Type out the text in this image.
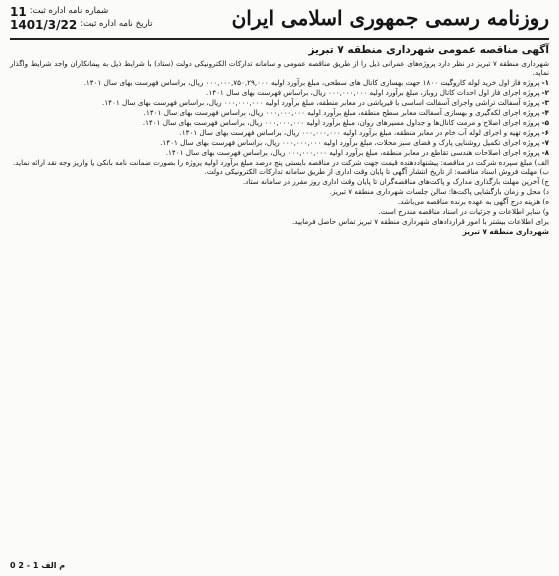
روزنامه رسمی جمهوری اسلامی ایران
شماره نامه اداره ثبت:
11
تاریخ نامه اداره ثبت:
1401/3/22
آگهی مناقصه عمومی شهرداری منطقه ۷ تبریز

شهرداری منطقه ۷ تبریز در نظر دارد پروژه‌های عمرانی ذیل را از طریق مناقصه عمومی و سامانه تدارکات الکترونیکی دولت (ستاد) با شرایط ذیل به پیمانکاران واجد شرایط واگذار نماید.

۱-پروژه فاز اول خرید لوله کاروگیت ۱۸۰۰ جهت بهسازی کانال های سطحی، مبلغ برآورد اولیه ۰۰۰,۰۰۰,۷۵۰,۲۹,۰۰۰ ریال، براساس فهرست بهای سال ۱۴۰۱.
۲-پروژه اجرای فاز اول احداث کانال روباز، مبلغ برآورد اولیه ۰۰۰,۰۰۰,۰۰۰ ریال، براساس فهرست بهای سال ۱۴۰۱.
۳-پروژه آسفالت تراشی واجرای آسفالت اساسی با قیرپاشی در معابر منطقه، مبلغ برآورد اولیه ۰۰۰,۰۰۰,۰۰۰ ریال، براساس فهرست بهای سال ۱۴۰۱.
۴-پروژه اجرای لکه‌گیری و بهسازی آسفالت معابر سطح منطقه، مبلغ برآورد اولیه ۰۰۰,۰۰۰,۰۰۰ ریال، براساس فهرست بهای سال ۱۴۰۱.
۵-پروژه اجرای اصلاح و مرمت کانال‌ها و جداول مسیرهای روان، مبلغ برآورد اولیه ۰۰۰,۰۰۰,۰۰۰ ریال، براساس فهرست بهای سال ۱۴۰۱.
۶-پروژه تهیه و اجرای لوله آب خام در معابر منطقه، مبلغ برآورد اولیه ۰۰۰,۰۰۰,۰۰۰ ریال، براساس فهرست بهای سال ۱۴۰۱.
۷-پروژه اجرای تکمیل روشنایی پارک و فضای سبز محلات، مبلغ برآورد اولیه ۰۰۰,۰۰۰,۰۰۰ ریال، براساس فهرست بهای سال ۱۴۰۱.
۸-پروژه اجرای اصلاحات هندسی تقاطع در معابر منطقه، مبلغ برآورد اولیه ۰۰۰,۰۰۰,۰۰۰ ریال، براساس فهرست بهای سال ۱۴۰۱.
الف) مبلغ سپرده شرکت در مناقصه: پیشنهاددهنده قیمت جهت شرکت در مناقصه بایستی پنج درصد مبلغ برآورد اولیه پروژه را بصورت ضمانت نامه بانکی یا واریز وجه نقد ارائه نماید.
ب) مهلت فروش اسناد مناقصه: از تاریخ انتشار آگهی تا پایان وقت اداری از طریق سامانه تدارکات الکترونیکی دولت.
ج) آخرین مهلت بارگذاری مدارک و پاکت‌های مناقصه‌گران تا پایان وقت اداری روز مقرر در سامانه ستاد.
د) محل و زمان بازگشایی پاکت‌ها: سالن جلسات شهرداری منطقه ۷ تبریز.
ه) هزینه درج آگهی به عهده برنده مناقصه می‌باشد.
و) سایر اطلاعات و جزئیات در اسناد مناقصه مندرج است.

برای اطلاعات بیشتر با امور قراردادهای شهرداری منطقه ۷ تبریز تماس حاصل فرمایید.

شهرداری منطقه ۷ تبریز

م الف 1 - 2 0
